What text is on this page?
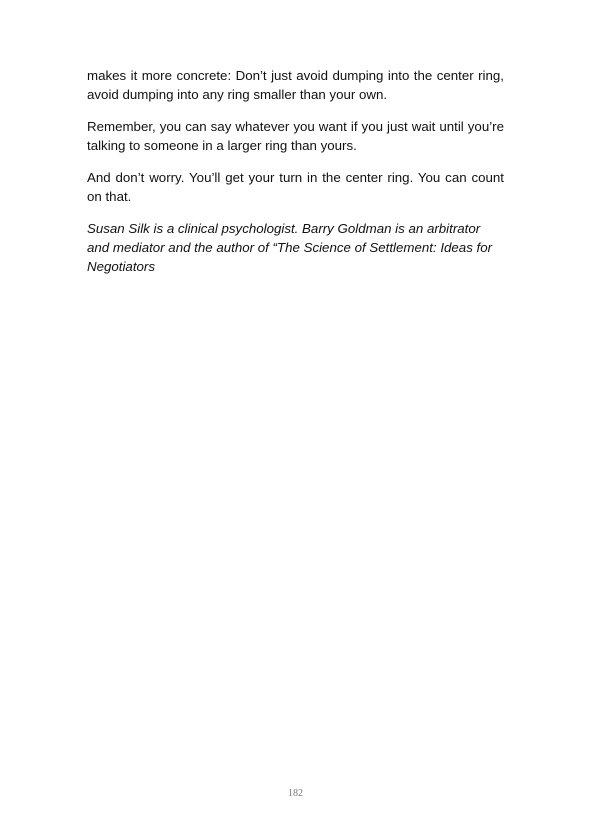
makes it more concrete: Don’t just avoid dumping into the center ring, avoid dumping into any ring smaller than your own.

Remember, you can say whatever you want if you just wait until you’re talking to someone in a larger ring than yours.

And don’t worry. You’ll get your turn in the center ring. You can count on that.

Susan Silk is a clinical psychologist. Barry Goldman is an arbitrator and mediator and the author of “The Science of Settlement: Ideas for Negotiators

182
